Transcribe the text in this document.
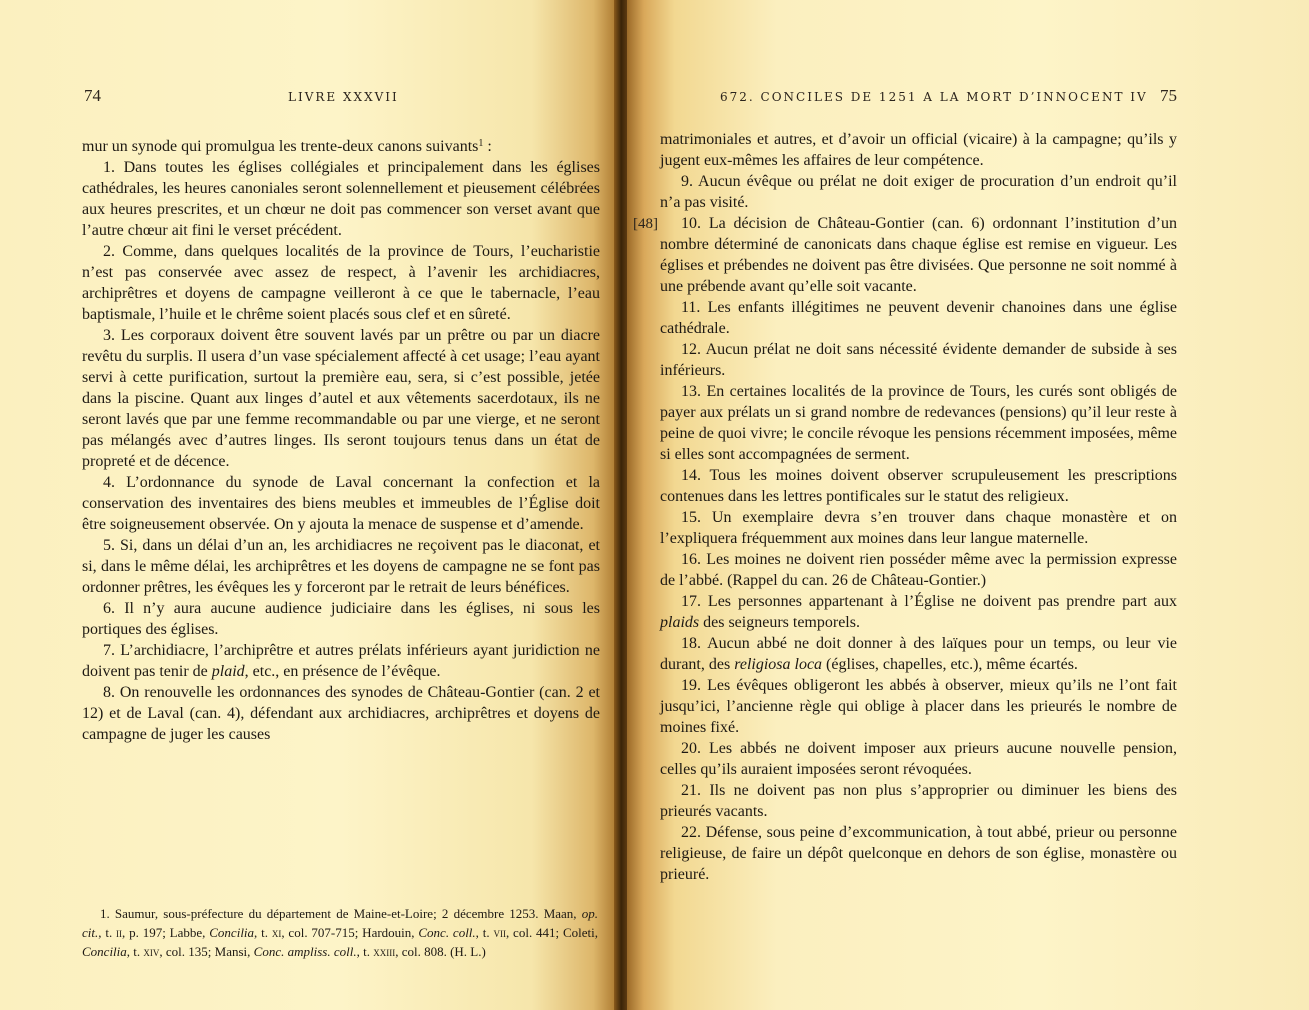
74	LIVRE XXXVII

mur un synode qui promulgua les trente-deux canons suivants$^1$ :

1. Dans toutes les églises collégiales et principalement dans les églises cathédrales, les heures canoniales seront solennellement et pieusement célébrées aux heures prescrites, et un chœur ne doit pas commencer son verset avant que l’autre chœur ait fini le verset précédent.

2. Comme, dans quelques localités de la province de Tours, l’eucharistie n’est pas conservée avec assez de respect, à l’avenir les archidiacres, archiprêtres et doyens de campagne veilleront à ce que le tabernacle, l’eau baptismale, l’huile et le chrême soient placés sous clef et en sûreté.

3. Les corporaux doivent être souvent lavés par un prêtre ou par un diacre revêtu du surplis. Il usera d’un vase spécialement affecté à cet usage; l’eau ayant servi à cette purification, surtout la première eau, sera, si c’est possible, jetée dans la piscine. Quant aux linges d’autel et aux vêtements sacerdotaux, ils ne seront lavés que par une femme recommandable ou par une vierge, et ne seront pas mélangés avec d’autres linges. Ils seront toujours tenus dans un état de propreté et de décence.

4. L’ordonnance du synode de Laval concernant la confection et la conservation des inventaires des biens meubles et immeubles de l’Église doit être soigneusement observée. On y ajouta la menace de suspense et d’amende.

5. Si, dans un délai d’un an, les archidiacres ne reçoivent pas le diaconat, et si, dans le même délai, les archiprêtres et les doyens de campagne ne se font pas ordonner prêtres, les évêques les y forceront par le retrait de leurs bénéfices.

6. Il n’y aura aucune audience judiciaire dans les églises, ni sous les portiques des églises.

7. L’archidiacre, l’archiprêtre et autres prélats inférieurs ayant juridiction ne doivent pas tenir de plaid, etc., en présence de l’évêque.

8. On renouvelle les ordonnances des synodes de Château-Gontier (can. 2 et 12) et de Laval (can. 4), défendant aux archidiacres, archiprêtres et doyens de campagne de juger les causes

1. Saumur, sous-préfecture du département de Maine-et-Loire; 2 décembre 1253. Maan, op. cit., t. ii, p. 197; Labbe, Concilia, t. xi, col. 707-715; Hardouin, Conc. coll., t. vii, col. 441; Coleti, Concilia, t. xiv, col. 135; Mansi, Conc. ampliss. coll., t. xxiii, col. 808. (H. L.)

672. CONCILES DE 1251 A LA MORT D’INNOCENT IV 75

matrimoniales et autres, et d’avoir un official (vicaire) à la campagne; qu’ils y jugent eux-mêmes les affaires de leur compétence.

9. Aucun évêque ou prélat ne doit exiger de procuration d’un endroit qu’il n’a pas visité.

10. La décision de Château-Gontier (can. 6) ordonnant l’institution d’un nombre déterminé de canonicats dans chaque église est remise en vigueur. Les églises et prébendes ne doivent pas être divisées. Que personne ne soit nommé à une prébende avant qu’elle soit vacante.

11. Les enfants illégitimes ne peuvent devenir chanoines dans une église cathédrale.

12. Aucun prélat ne doit sans nécessité évidente demander de subside à ses inférieurs.

13. En certaines localités de la province de Tours, les curés sont obligés de payer aux prélats un si grand nombre de redevances (pensions) qu’il leur reste à peine de quoi vivre; le concile révoque les pensions récemment imposées, même si elles sont accompagnées de serment.

14. Tous les moines doivent observer scrupuleusement les prescriptions contenues dans les lettres pontificales sur le statut des religieux.

15. Un exemplaire devra s’en trouver dans chaque monastère et on l’expliquera fréquemment aux moines dans leur langue maternelle.

16. Les moines ne doivent rien posséder même avec la permission expresse de l’abbé. (Rappel du can. 26 de Château-Gontier.)

17. Les personnes appartenant à l’Église ne doivent pas prendre part aux plaids des seigneurs temporels.

18. Aucun abbé ne doit donner à des laïques pour un temps, ou leur vie durant, des religiosa loca (églises, chapelles, etc.), même écartés.

19. Les évêques obligeront les abbés à observer, mieux qu’ils ne l’ont fait jusqu’ici, l’ancienne règle qui oblige à placer dans les prieurés le nombre de moines fixé.

20. Les abbés ne doivent imposer aux prieurs aucune nouvelle pension, celles qu’ils auraient imposées seront révoquées.

21. Ils ne doivent pas non plus s’approprier ou diminuer les biens des prieurés vacants.

22. Défense, sous peine d’excommunication, à tout abbé, prieur ou personne religieuse, de faire un dépôt quelconque en dehors de son église, monastère ou prieuré.

[48]
